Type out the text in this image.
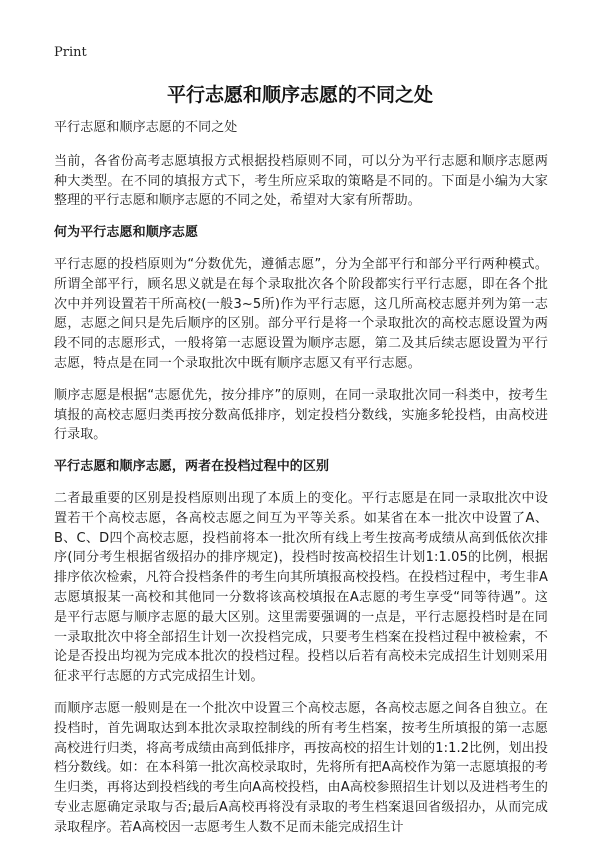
Print
平行志愿和顺序志愿的不同之处

平行志愿和顺序志愿的不同之处

当前，各省份高考志愿填报方式根据投档原则不同，可以分为平行志愿和顺序志愿两种大类型。在不同的填报方式下，考生所应采取的策略是不同的。下面是小编为大家整理的平行志愿和顺序志愿的不同之处，希望对大家有所帮助。

何为平行志愿和顺序志愿

平行志愿的投档原则为“分数优先，遵循志愿”，分为全部平行和部分平行两种模式。所谓全部平行，顾名思义就是在每个录取批次各个阶段都实行平行志愿，即在各个批次中并列设置若干所高校(一般3~5所)作为平行志愿，这几所高校志愿并列为第一志愿，志愿之间只是先后顺序的区别。部分平行是将一个录取批次的高校志愿设置为两段不同的志愿形式，一般将第一志愿设置为顺序志愿，第二及其后续志愿设置为平行志愿，特点是在同一个录取批次中既有顺序志愿又有平行志愿。

顺序志愿是根据“志愿优先，按分排序”的原则，在同一录取批次同一科类中，按考生填报的高校志愿归类再按分数高低排序，划定投档分数线，实施多轮投档，由高校进行录取。

平行志愿和顺序志愿，两者在投档过程中的区别

二者最重要的区别是投档原则出现了本质上的变化。平行志愿是在同一录取批次中设置若干个高校志愿，各高校志愿之间互为平等关系。如某省在本一批次中设置了A、B、C、D四个高校志愿，投档前将本一批次所有线上考生按高考成绩从高到低依次排序(同分考生根据省级招办的排序规定)，投档时按高校招生计划1:1.05的比例，根据排序依次检索，凡符合投档条件的考生向其所填报高校投档。在投档过程中，考生非A志愿填报某一高校和其他同一分数将该高校填报在A志愿的考生享受“同等待遇”。这是平行志愿与顺序志愿的最大区别。这里需要强调的一点是，平行志愿投档时是在同一录取批次中将全部招生计划一次投档完成，只要考生档案在投档过程中被检索，不论是否投出均视为完成本批次的投档过程。投档以后若有高校未完成招生计划则采用征求平行志愿的方式完成招生计划。

而顺序志愿一般则是在一个批次中设置三个高校志愿，各高校志愿之间各自独立。在投档时，首先调取达到本批次录取控制线的所有考生档案，按考生所填报的第一志愿高校进行归类，将高考成绩由高到低排序，再按高校的招生计划的1:1.2比例，划出投档分数线。如：在本科第一批次高校录取时，先将所有把A高校作为第一志愿填报的考生归类，再将达到投档线的考生向A高校投档，由A高校参照招生计划以及进档考生的专业志愿确定录取与否;最后A高校再将没有录取的考生档案退回省级招办，从而完成录取程序。若A高校因一志愿考生人数不足而未能完成招生计
